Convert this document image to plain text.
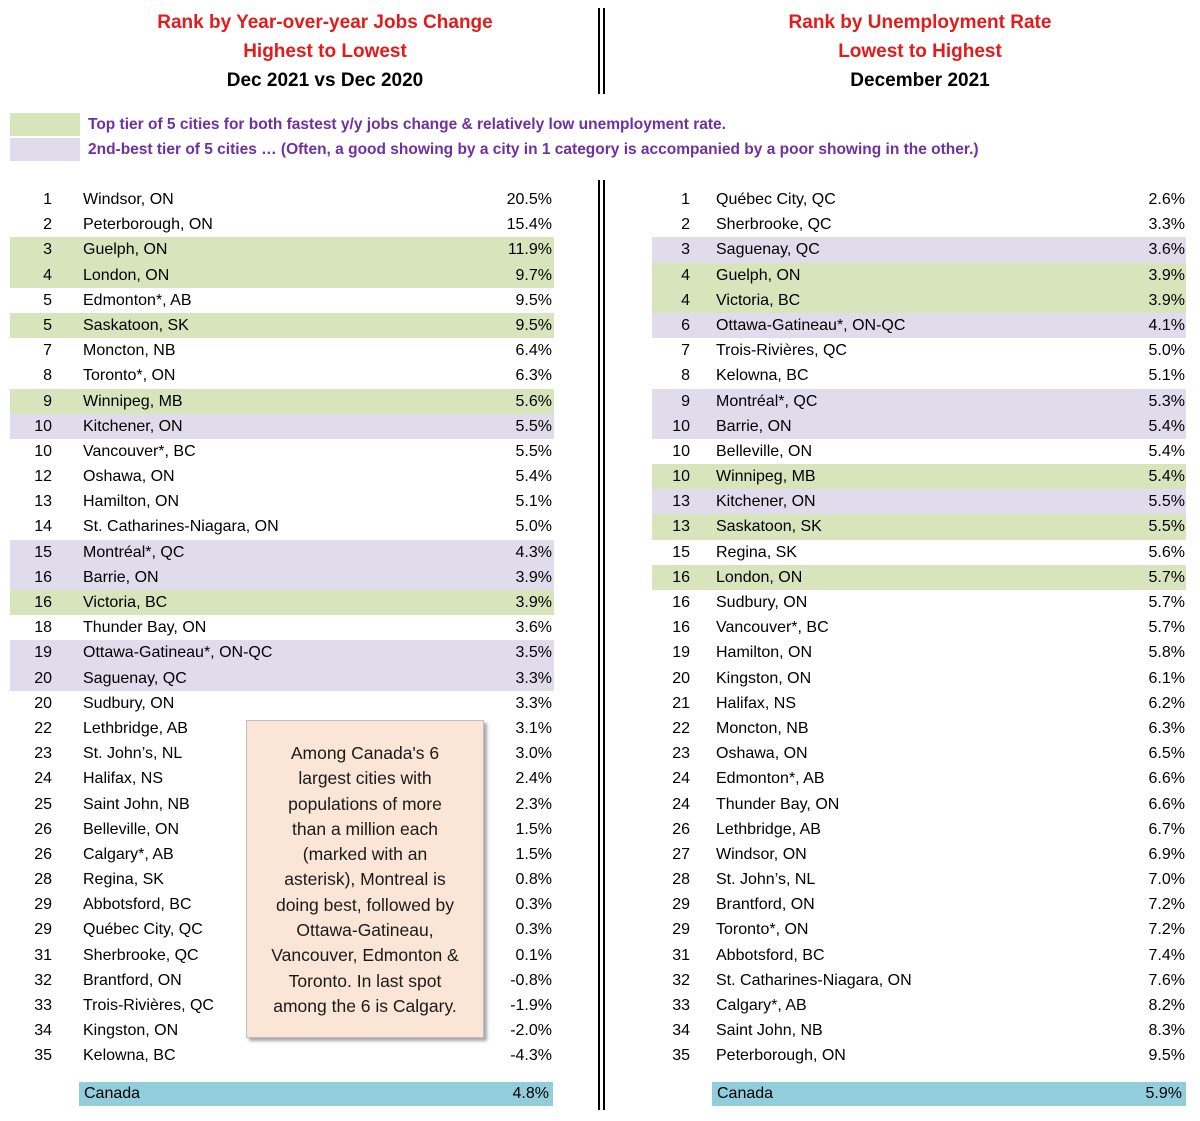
Rank by Year-over-year Jobs Change
Highest to Lowest
Dec 2021 vs Dec 2020
Rank by Unemployment Rate
Lowest to Highest
December 2021
Top tier of 5 cities for both fastest y/y jobs change & relatively low unemployment rate.
2nd-best tier of 5 cities … (Often, a good showing by a city in 1 category is accompanied by a poor showing in the other.)
1 Windsor, ON	20.5%
2 Peterborough, ON	15.4%
3 Guelph, ON	11.9%
4 London, ON	9.7%
5 Edmonton*, AB	9.5%
5 Saskatoon, SK	9.5%
7 Moncton, NB	6.4%
8 Toronto*, ON	6.3%
9 Winnipeg, MB	5.6%
10 Kitchener, ON	5.5%
10 Vancouver*, BC	5.5%
12 Oshawa, ON	5.4%
13 Hamilton, ON	5.1%
14 St. Catharines-Niagara, ON	5.0%
15 Montréal*, QC	4.3%
16 Barrie, ON	3.9%
16 Victoria, BC	3.9%
18 Thunder Bay, ON	3.6%
19 Ottawa-Gatineau*, ON-QC	3.5%
20 Saguenay, QC	3.3%
20 Sudbury, ON	3.3%
22 Lethbridge, AB	3.1%
23 St. John’s, NL	3.0%
24 Halifax, NS	2.4%
25 Saint John, NB	2.3%
26 Belleville, ON	1.5%
26 Calgary*, AB	1.5%
28 Regina, SK	0.8%
29 Abbotsford, BC	0.3%
29 Québec City, QC	0.3%
31 Sherbrooke, QC	0.1%
32 Brantford, ON	-0.8%
33 Trois-Rivières, QC	-1.9%
34 Kingston, ON	-2.0%
35 Kelowna, BC	-4.3%
1 Québec City, QC	2.6%
2 Sherbrooke, QC	3.3%
3 Saguenay, QC	3.6%
4 Guelph, ON	3.9%
4 Victoria, BC	3.9%
6 Ottawa-Gatineau*, ON-QC	4.1%
7 Trois-Rivières, QC	5.0%
8 Kelowna, BC	5.1%
9 Montréal*, QC	5.3%
10 Barrie, ON	5.4%
10 Belleville, ON	5.4%
10 Winnipeg, MB	5.4%
13 Kitchener, ON	5.5%
13 Saskatoon, SK	5.5%
15 Regina, SK	5.6%
16 London, ON	5.7%
16 Sudbury, ON	5.7%
16 Vancouver*, BC	5.7%
19 Hamilton, ON	5.8%
20 Kingston, ON	6.1%
21 Halifax, NS	6.2%
22 Moncton, NB	6.3%
23 Oshawa, ON	6.5%
24 Edmonton*, AB	6.6%
24 Thunder Bay, ON	6.6%
26 Lethbridge, AB	6.7%
27 Windsor, ON	6.9%
28 St. John’s, NL	7.0%
29 Brantford, ON	7.2%
29 Toronto*, ON	7.2%
31 Abbotsford, BC	7.4%
32 St. Catharines-Niagara, ON	7.6%
33 Calgary*, AB	8.2%
34 Saint John, NB	8.3%
35 Peterborough, ON	9.5%
Canada	4.8%	Canada	5.9%
Among Canada's 6
largest cities with
populations of more
than a million each
(marked with an
asterisk), Montreal is
doing best, followed by
Ottawa-Gatineau,
Vancouver, Edmonton &
Toronto. In last spot
among the 6 is Calgary.
